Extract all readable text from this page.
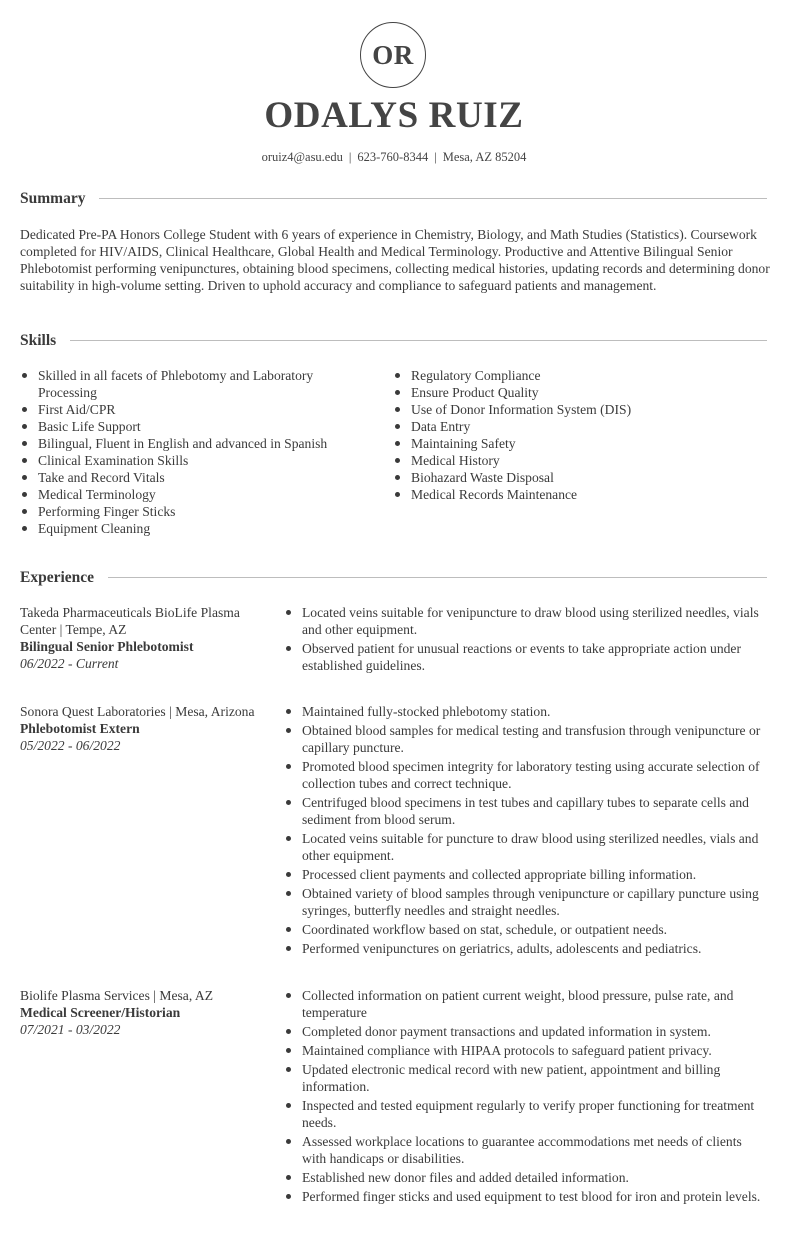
OR
ODALYS RUIZ
oruiz4@asu.edu | 623-760-8344 | Mesa, AZ 85204
Summary

Dedicated Pre-PA Honors College Student with 6 years of experience in Chemistry, Biology, and Math Studies (Statistics). Coursework completed for HIV/AIDS, Clinical Healthcare, Global Health and Medical Terminology. Productive and Attentive Bilingual Senior Phlebotomist performing venipunctures, obtaining blood specimens, collecting medical histories, updating records and determining donor suitability in high-volume setting. Driven to uphold accuracy and compliance to safeguard patients and management.

Skills
Skilled in all facets of Phlebotomy and Laboratory Processing
First Aid/CPR
Basic Life Support
Bilingual, Fluent in English and advanced in Spanish
Clinical Examination Skills
Take and Record Vitals
Medical Terminology
Performing Finger Sticks
Equipment Cleaning
Regulatory Compliance
Ensure Product Quality
Use of Donor Information System (DIS)
Data Entry
Maintaining Safety
Medical History
Biohazard Waste Disposal
Medical Records Maintenance
Experience
Takeda Pharmaceuticals BioLife Plasma Center | Tempe, AZ
Bilingual Senior Phlebotomist
06/2022 - Current
Located veins suitable for venipuncture to draw blood using sterilized needles, vials and other equipment.
Observed patient for unusual reactions or events to take appropriate action under established guidelines.
Sonora Quest Laboratories | Mesa, Arizona
Phlebotomist Extern
05/2022 - 06/2022
Maintained fully-stocked phlebotomy station.
Obtained blood samples for medical testing and transfusion through venipuncture or capillary puncture.
Promoted blood specimen integrity for laboratory testing using accurate selection of collection tubes and correct technique.
Centrifuged blood specimens in test tubes and capillary tubes to separate cells and sediment from blood serum.
Located veins suitable for puncture to draw blood using sterilized needles, vials and other equipment.
Processed client payments and collected appropriate billing information.
Obtained variety of blood samples through venipuncture or capillary puncture using syringes, butterfly needles and straight needles.
Coordinated workflow based on stat, schedule, or outpatient needs.
Performed venipunctures on geriatrics, adults, adolescents and pediatrics.
Biolife Plasma Services | Mesa, AZ
Medical Screener/Historian
07/2021 - 03/2022
Collected information on patient current weight, blood pressure, pulse rate, and temperature
Completed donor payment transactions and updated information in system.
Maintained compliance with HIPAA protocols to safeguard patient privacy.
Updated electronic medical record with new patient, appointment and billing information.
Inspected and tested equipment regularly to verify proper functioning for treatment needs.
Assessed workplace locations to guarantee accommodations met needs of clients with handicaps or disabilities.
Established new donor files and added detailed information.
Performed finger sticks and used equipment to test blood for iron and protein levels.
